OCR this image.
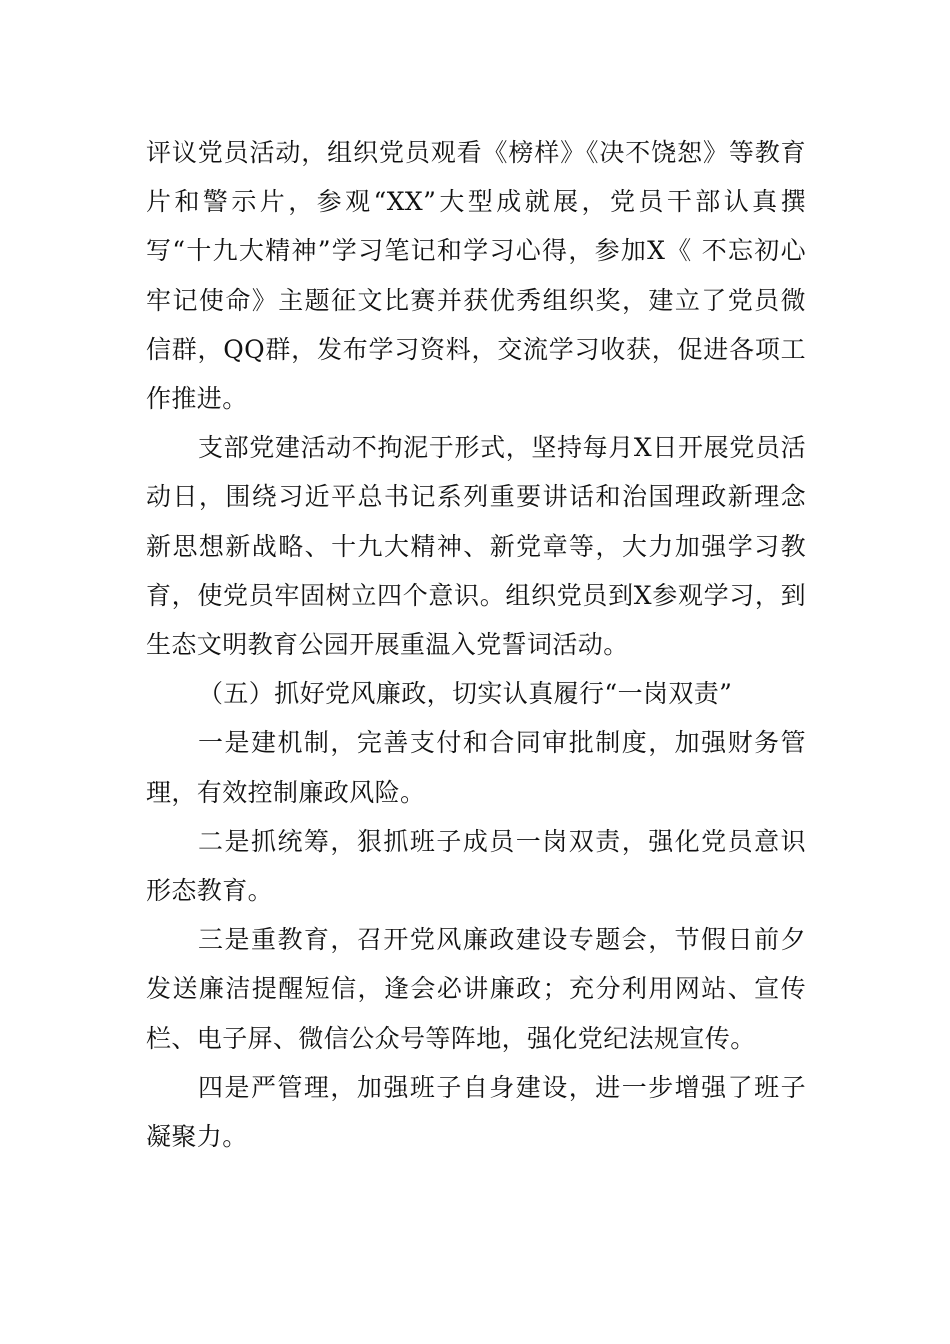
评议党员活动，组织党员观看《榜样》《决不饶恕》等教育片和警示片，参观“XX”大型成就展，党员干部认真撰写“十九大精神”学习笔记和学习心得，参加X《 不忘初心 牢记使命》主题征文比赛并获优秀组织奖，建立了党员微信群，QQ群，发布学习资料，交流学习收获，促进各项工作推进。

支部党建活动不拘泥于形式，坚持每月X日开展党员活动日，围绕习近平总书记系列重要讲话和治国理政新理念新思想新战略、十九大精神、新党章等，大力加强学习教育，使党员牢固树立四个意识。组织党员到X参观学习，到生态文明教育公园开展重温入党誓词活动。

（五）抓好党风廉政，切实认真履行“一岗双责”

一是建机制，完善支付和合同审批制度，加强财务管理，有效控制廉政风险。

二是抓统筹，狠抓班子成员一岗双责，强化党员意识形态教育。

三是重教育，召开党风廉政建设专题会，节假日前夕发送廉洁提醒短信，逢会必讲廉政；充分利用网站、宣传栏、电子屏、微信公众号等阵地，强化党纪法规宣传。

四是严管理，加强班子自身建设，进一步增强了班子凝聚力。
